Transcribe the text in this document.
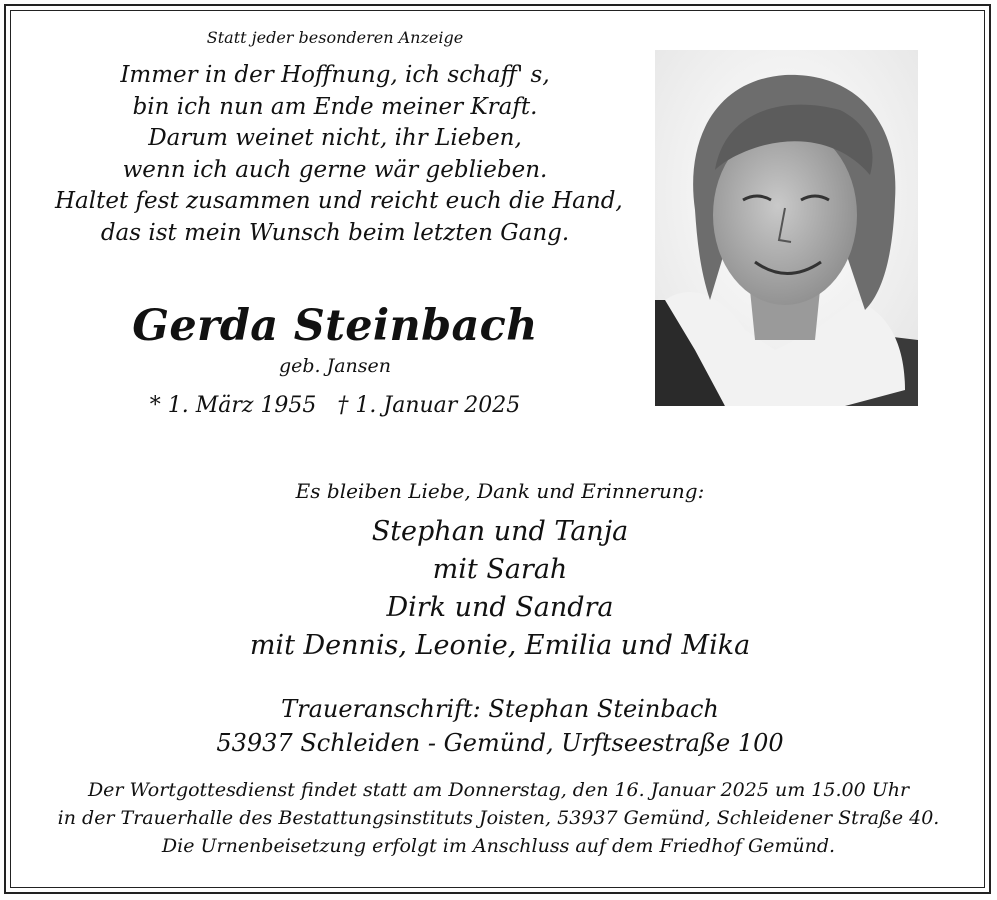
Statt jeder besonderen Anzeige
Immer in der Hoffnung, ich schaff' s,
bin ich nun am Ende meiner Kraft.
Darum weinet nicht, ihr Lieben,
wenn ich auch gerne wär geblieben.
Haltet fest zusammen und reicht euch die Hand,
das ist mein Wunsch beim letzten Gang.
Gerda Steinbach
geb. Jansen
* 1. März 1955   † 1. Januar 2025
Es bleiben Liebe, Dank und Erinnerung:
Stephan und Tanja
mit Sarah
Dirk und Sandra
mit Dennis, Leonie, Emilia und Mika
Traueranschrift: Stephan Steinbach
53937 Schleiden - Gemünd, Urftseestraße 100
Der Wortgottesdienst findet statt am Donnerstag, den 16. Januar 2025 um 15.00 Uhr
in der Trauerhalle des Bestattungsinstituts Joisten, 53937 Gemünd, Schleidener Straße 40.
Die Urnenbeisetzung erfolgt im Anschluss auf dem Friedhof Gemünd.
